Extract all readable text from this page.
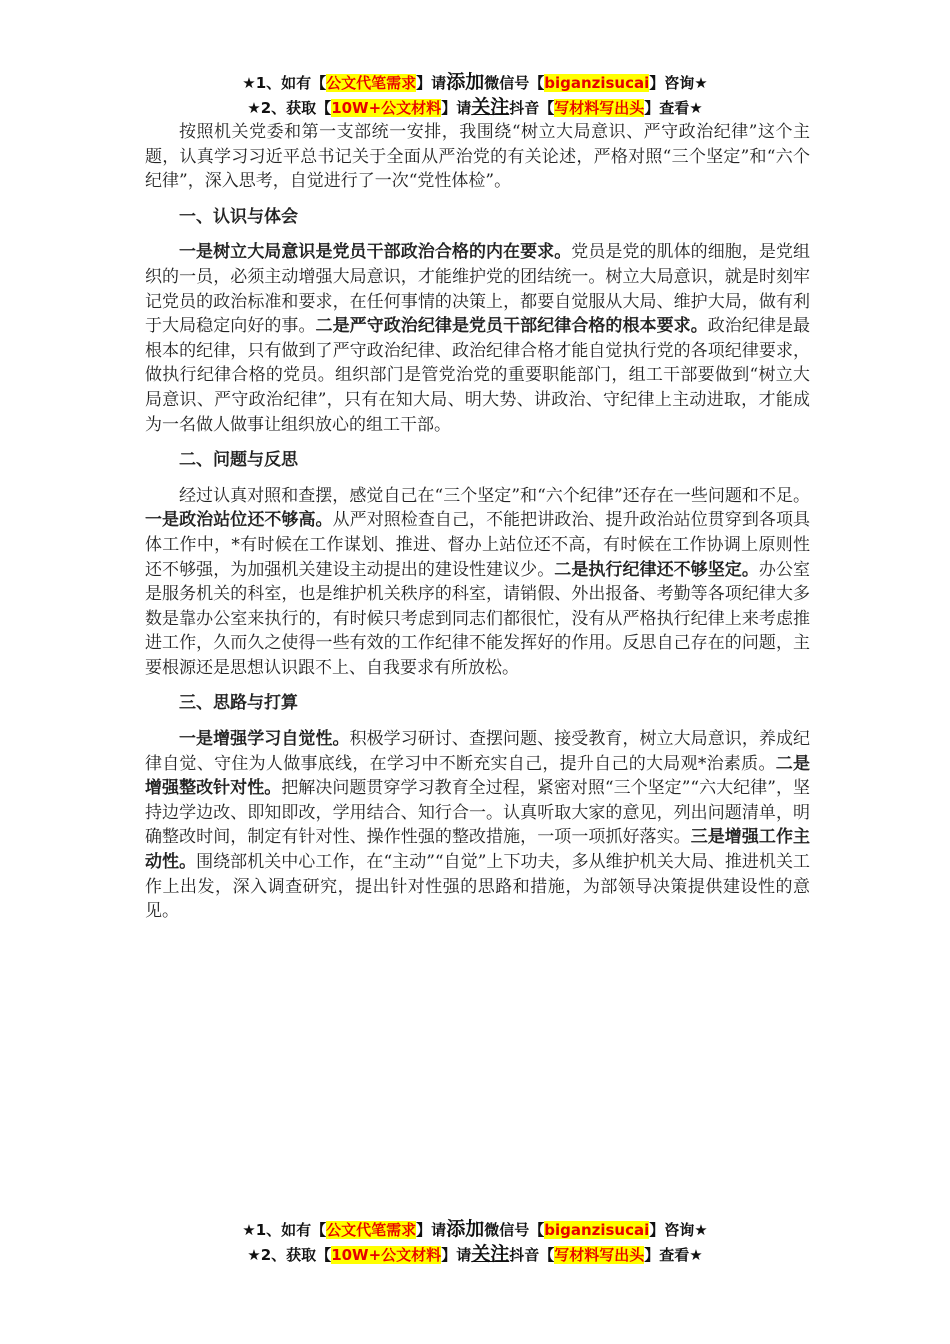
★1、如有【公文代笔需求】请添加微信号【biganzisucai】咨询★
★2、获取【10W+公文材料】请关注抖音【写材料写出头】查看★

按照机关党委和第一支部统一安排，我围绕“树立大局意识、严守政治纪律”这个主题，认真学习习近平总书记关于全面从严治党的有关论述，严格对照“三个坚定”和“六个纪律”，深入思考，自觉进行了一次“党性体检”。

一、认识与体会

一是树立大局意识是党员干部政治合格的内在要求。党员是党的肌体的细胞，是党组织的一员，必须主动增强大局意识，才能维护党的团结统一。树立大局意识，就是时刻牢记党员的政治标准和要求，在任何事情的决策上，都要自觉服从大局、维护大局，做有利于大局稳定向好的事。二是严守政治纪律是党员干部纪律合格的根本要求。政治纪律是最根本的纪律，只有做到了严守政治纪律、政治纪律合格才能自觉执行党的各项纪律要求，做执行纪律合格的党员。组织部门是管党治党的重要职能部门，组工干部要做到“树立大局意识、严守政治纪律”，只有在知大局、明大势、讲政治、守纪律上主动进取，才能成为一名做人做事让组织放心的组工干部。

二、问题与反思

经过认真对照和查摆，感觉自己在“三个坚定”和“六个纪律”还存在一些问题和不足。一是政治站位还不够高。从严对照检查自己，不能把讲政治、提升政治站位贯穿到各项具体工作中，*有时候在工作谋划、推进、督办上站位还不高，有时候在工作协调上原则性还不够强，为加强机关建设主动提出的建设性建议少。二是执行纪律还不够坚定。办公室是服务机关的科室，也是维护机关秩序的科室，请销假、外出报备、考勤等各项纪律大多数是靠办公室来执行的，有时候只考虑到同志们都很忙，没有从严格执行纪律上来考虑推进工作，久而久之使得一些有效的工作纪律不能发挥好的作用。反思自己存在的问题，主要根源还是思想认识跟不上、自我要求有所放松。

三、思路与打算

一是增强学习自觉性。积极学习研讨、查摆问题、接受教育，树立大局意识，养成纪律自觉、守住为人做事底线，在学习中不断充实自己，提升自己的大局观*治素质。二是增强整改针对性。把解决问题贯穿学习教育全过程，紧密对照“三个坚定”“六大纪律”，坚持边学边改、即知即改，学用结合、知行合一。认真听取大家的意见，列出问题清单，明确整改时间，制定有针对性、操作性强的整改措施，一项一项抓好落实。三是增强工作主动性。围绕部机关中心工作，在“主动”“自觉”上下功夫，多从维护机关大局、推进机关工作上出发，深入调查研究，提出针对性强的思路和措施，为部领导决策提供建设性的意见。

★1、如有【公文代笔需求】请添加微信号【biganzisucai】咨询★
★2、获取【10W+公文材料】请关注抖音【写材料写出头】查看★
